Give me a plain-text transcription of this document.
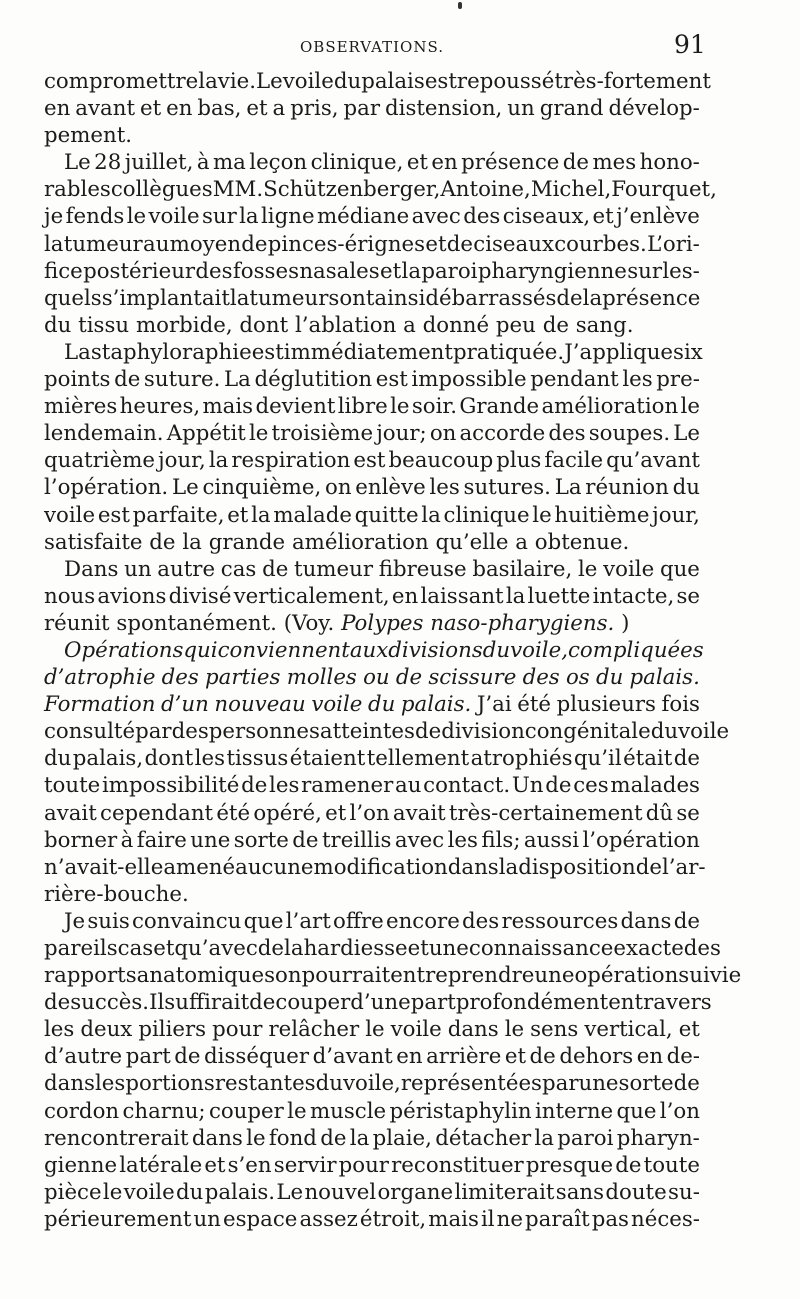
OBSERVATIONS.	91
compromettre la vie. Le voile du palais est repoussé très-fortement
en avant et en bas, et a pris, par distension, un grand dévelop-
pement.
Le 28 juillet, à ma leçon clinique, et en présence de mes hono-
rables collègues MM. Schützenberger, Antoine, Michel, Fourquet,
je fends le voile sur la ligne médiane avec des ciseaux, et j’enlève
la tumeur au moyen de pinces-érignes et de ciseaux courbes. L’ori-
fice postérieur des fosses nasales et la paroi pharyngienne sur les-
quels s’implantait la tumeur sont ainsi débarrassés de la présence
du tissu morbide, dont l’ablation a donné peu de sang.
La staphyloraphie est immédiatement pratiquée. J’applique six
points de suture. La déglutition est impossible pendant les pre-
mières heures, mais devient libre le soir. Grande amélioration le
lendemain. Appétit le troisième jour; on accorde des soupes. Le
quatrième jour, la respiration est beaucoup plus facile qu’avant
l’opération. Le cinquième, on enlève les sutures. La réunion du
voile est parfaite, et la malade quitte la clinique le huitième jour,
satisfaite de la grande amélioration qu’elle a obtenue.
Dans un autre cas de tumeur fibreuse basilaire, le voile que
nous avions divisé verticalement, en laissant la luette intacte, se
réunit spontanément. (Voy. Polypes naso-pharygiens. )
Opérations qui conviennent aux divisions du voile, compliquées
d’atrophie des parties molles ou de scissure des os du palais.
Formation d’un nouveau voile du palais. J’ai été plusieurs fois
consulté par des personnes atteintes de division congénitale du voile
du palais, dont les tissus étaient tellement atrophiés qu’il était de
toute impossibilité de les ramener au contact. Un de ces malades
avait cependant été opéré, et l’on avait très-certainement dû se
borner à faire une sorte de treillis avec les fils; aussi l’opération
n’avait-elle amené aucune modification dans la disposition de l’ar-
rière-bouche.
Je suis convaincu que l’art offre encore des ressources dans de
pareils cas et qu’avec de la hardiesse et une connaissance exacte des
rapports anatomiques on pourrait entreprendre une opération suivie
de succès. Il suffirait de couper d’une part profondément en travers
les deux piliers pour relâcher le voile dans le sens vertical, et
d’autre part de disséquer d’avant en arrière et de dehors en de-
dans les portions restantes du voile, représentées par une sorte de
cordon charnu; couper le muscle péristaphylin interne que l’on
rencontrerait dans le fond de la plaie, détacher la paroi pharyn-
gienne latérale et s’en servir pour reconstituer presque de toute
pièce le voile du palais. Le nouvel organe limiterait sans doute su-
périeurement un espace assez étroit, mais il ne paraît pas néces-
